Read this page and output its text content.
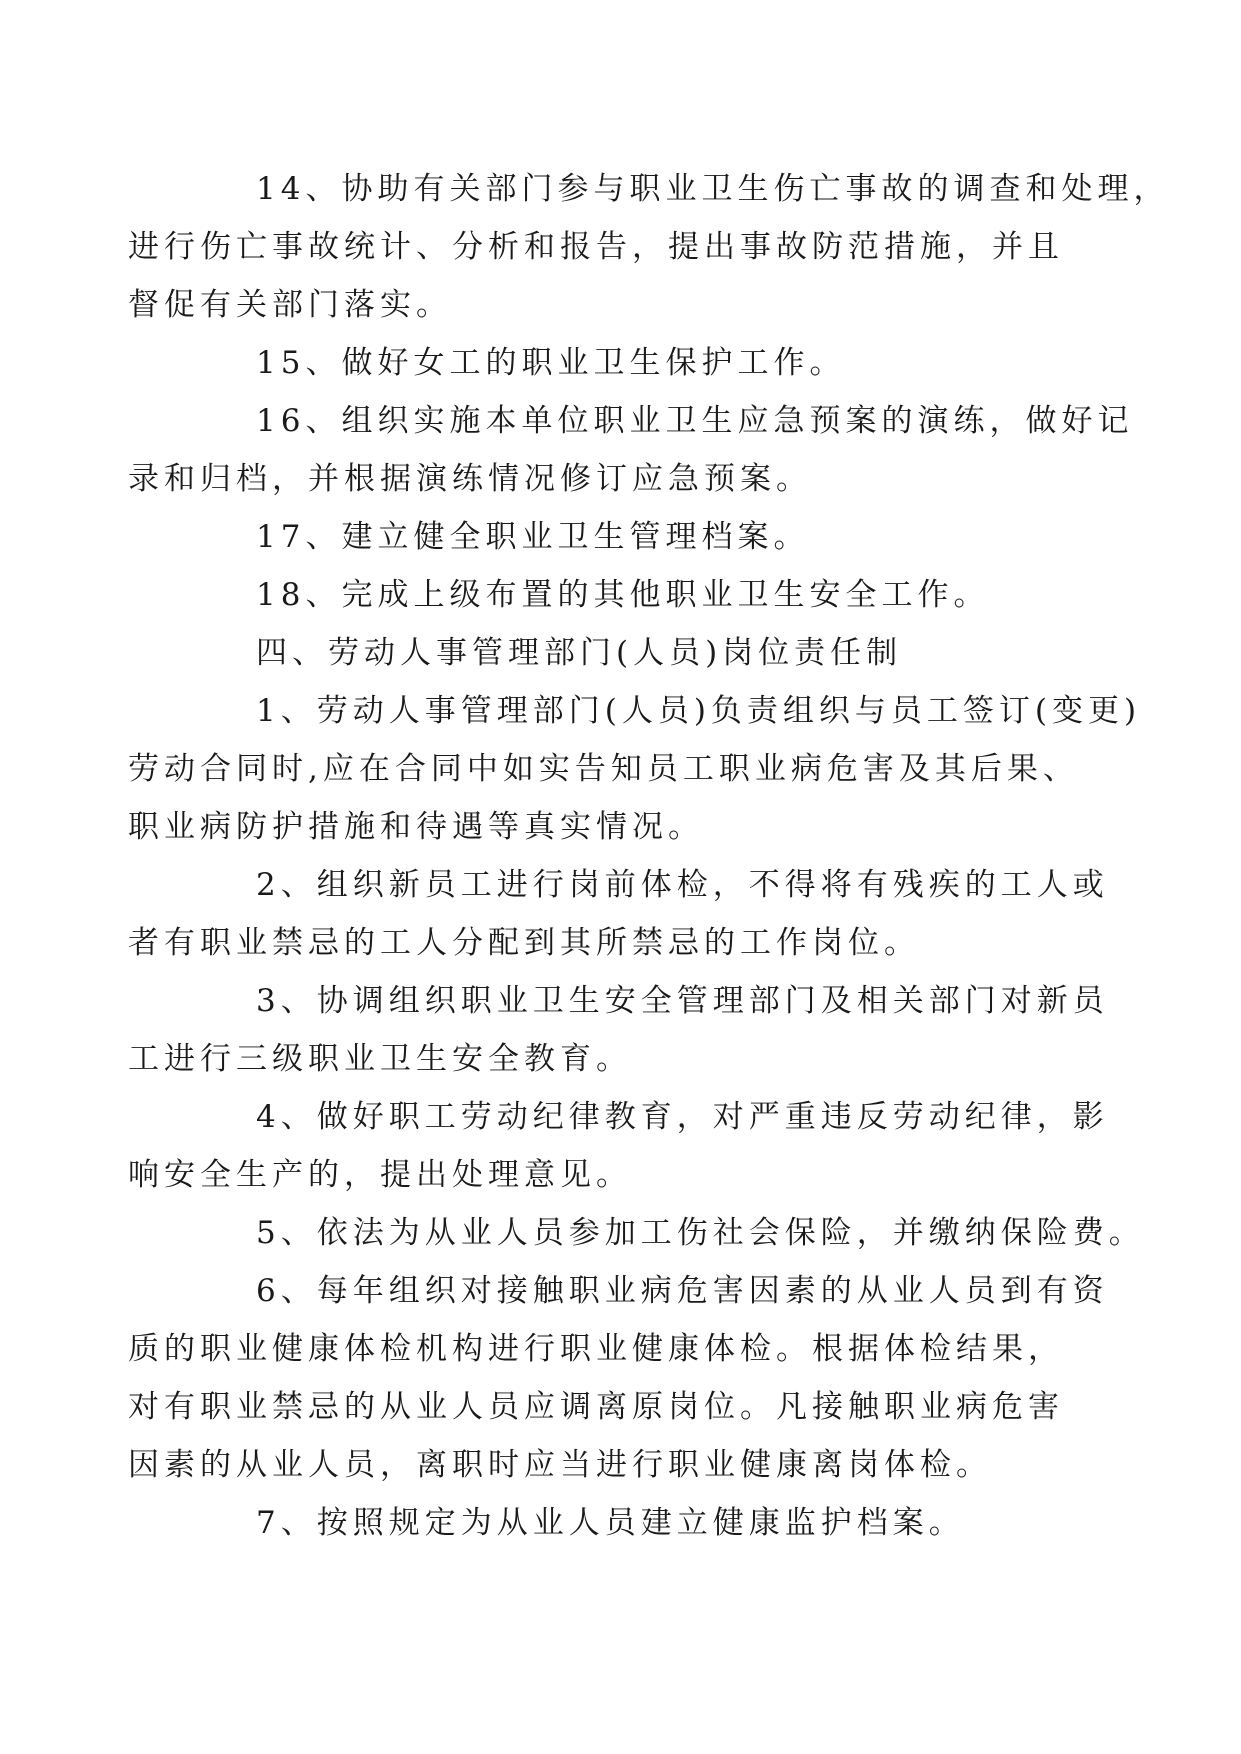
14、协助有关部门参与职业卫生伤亡事故的调查和处理，
进行伤亡事故统计、分析和报告，提出事故防范措施，并且
督促有关部门落实。

15、做好女工的职业卫生保护工作。

16、组织实施本单位职业卫生应急预案的演练，做好记
录和归档，并根据演练情况修订应急预案。

17、建立健全职业卫生管理档案。

18、完成上级布置的其他职业卫生安全工作。

四、劳动人事管理部门(人员)岗位责任制

1、劳动人事管理部门(人员)负责组织与员工签订(变更)
劳动合同时,应在合同中如实告知员工职业病危害及其后果、
职业病防护措施和待遇等真实情况。

2、组织新员工进行岗前体检，不得将有残疾的工人或
者有职业禁忌的工人分配到其所禁忌的工作岗位。

3、协调组织职业卫生安全管理部门及相关部门对新员
工进行三级职业卫生安全教育。

4、做好职工劳动纪律教育，对严重违反劳动纪律，影
响安全生产的，提出处理意见。

5、依法为从业人员参加工伤社会保险，并缴纳保险费。

6、每年组织对接触职业病危害因素的从业人员到有资
质的职业健康体检机构进行职业健康体检。根据体检结果，
对有职业禁忌的从业人员应调离原岗位。凡接触职业病危害
因素的从业人员，离职时应当进行职业健康离岗体检。

7、按照规定为从业人员建立健康监护档案。
